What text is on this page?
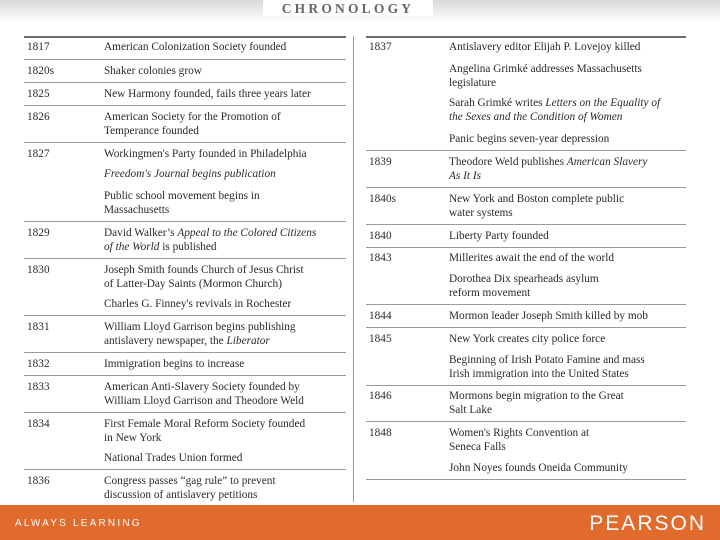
CHRONOLOGY
1817	American Colonization Society founded
1820s	Shaker colonies grow
1825	New Harmony founded, fails three years later
1826	American Society for the Promotion of
Temperance founded
1827	Workingmen's Party founded in Philadelphia
Freedom's Journal begins publication
Public school movement begins in
Massachusetts
1829	David Walker’s Appeal to the Colored Citizens
of the World is published
1830	Joseph Smith founds Church of Jesus Christ
of Latter-Day Saints (Mormon Church)
Charles G. Finney's revivals in Rochester
1831	William Lloyd Garrison begins publishing
antislavery newspaper, the Liberator
1832	Immigration begins to increase
1833	American Anti-Slavery Society founded by
William Lloyd Garrison and Theodore Weld
1834	First Female Moral Reform Society founded
in New York
National Trades Union formed
1836	Congress passes “gag rule” to prevent
discussion of antislavery petitions
1837	Antislavery editor Elijah P. Lovejoy killed
Angelina Grimké addresses Massachusetts
legislature
Sarah Grimké writes Letters on the Equality of
the Sexes and the Condition of Women
Panic begins seven-year depression
1839	Theodore Weld publishes American Slavery
As It Is
1840s	New York and Boston complete public
water systems
1840	Liberty Party founded
1843	Millerites await the end of the world
Dorothea Dix spearheads asylum
reform movement
1844	Mormon leader Joseph Smith killed by mob
1845	New York creates city police force
Beginning of Irish Potato Famine and mass
Irish immigration into the United States
1846	Mormons begin migration to the Great
Salt Lake
1848	Women's Rights Convention at
Seneca Falls
John Noyes founds Oneida Community
ALWAYS LEARNING	PEARSON
